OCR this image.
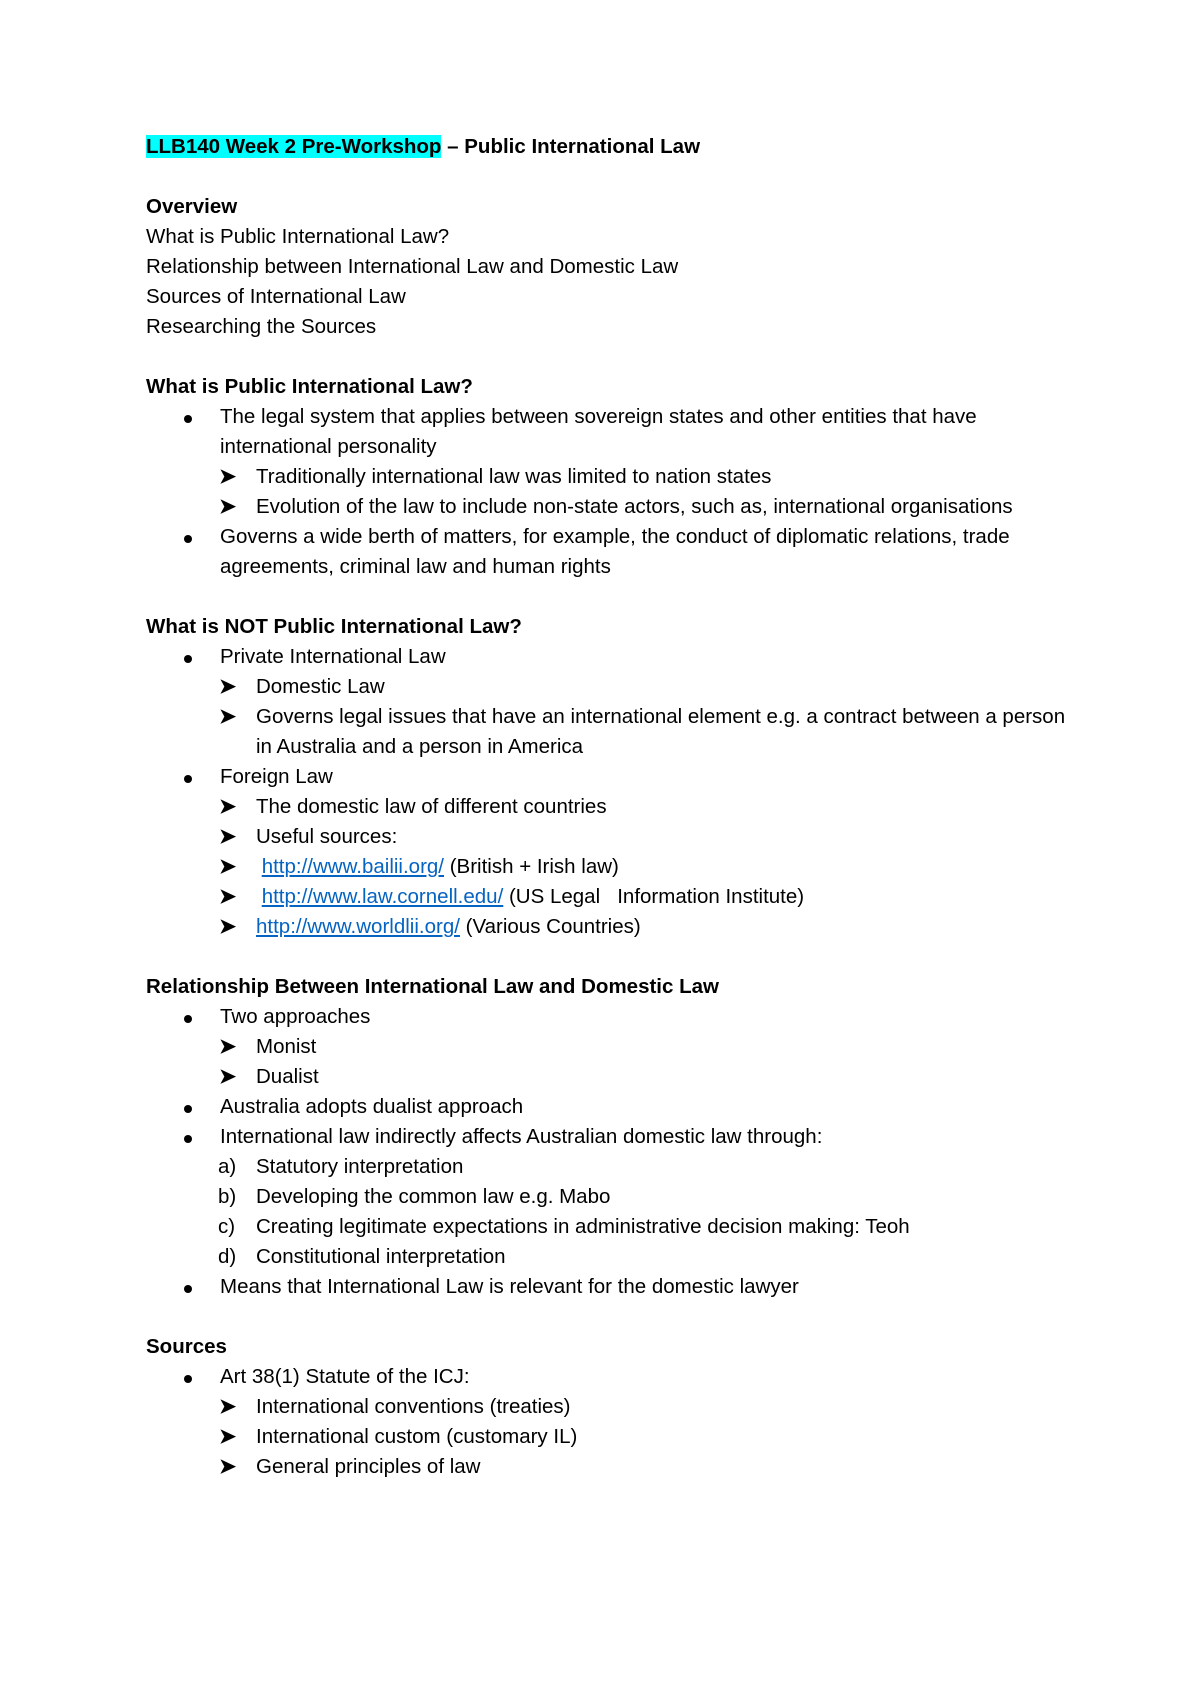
LLB140 Week 2 Pre-Workshop – Public International Law

Overview

What is Public International Law?

Relationship between International Law and Domestic Law

Sources of International Law

Researching the Sources

What is Public International Law?

The legal system that applies between sovereign states and other entities that have international personality
➤ Traditionally international law was limited to nation states
➤ Evolution of the law to include non-state actors, such as, international organisations
Governs a wide berth of matters, for example, the conduct of diplomatic relations, trade agreements, criminal law and human rights

What is NOT Public International Law?

Private International Law
➤ Domestic Law
➤ Governs legal issues that have an international element e.g. a contract between a person in Australia and a person in America
Foreign Law
➤ The domestic law of different countries
➤ Useful sources:
➤ http://www.bailii.org/ (British + Irish law)
➤ http://www.law.cornell.edu/ (US Legal   Information Institute)
➤ http://www.worldlii.org/ (Various Countries)

Relationship Between International Law and Domestic Law

Two approaches
➤ Monist
➤ Dualist
Australia adopts dualist approach
International law indirectly affects Australian domestic law through:
a) Statutory interpretation
b) Developing the common law e.g. Mabo
c) Creating legitimate expectations in administrative decision making: Teoh
d) Constitutional interpretation
Means that International Law is relevant for the domestic lawyer

Sources

Art 38(1) Statute of the ICJ:
➤ International conventions (treaties)
➤ International custom (customary IL)
➤ General principles of law
